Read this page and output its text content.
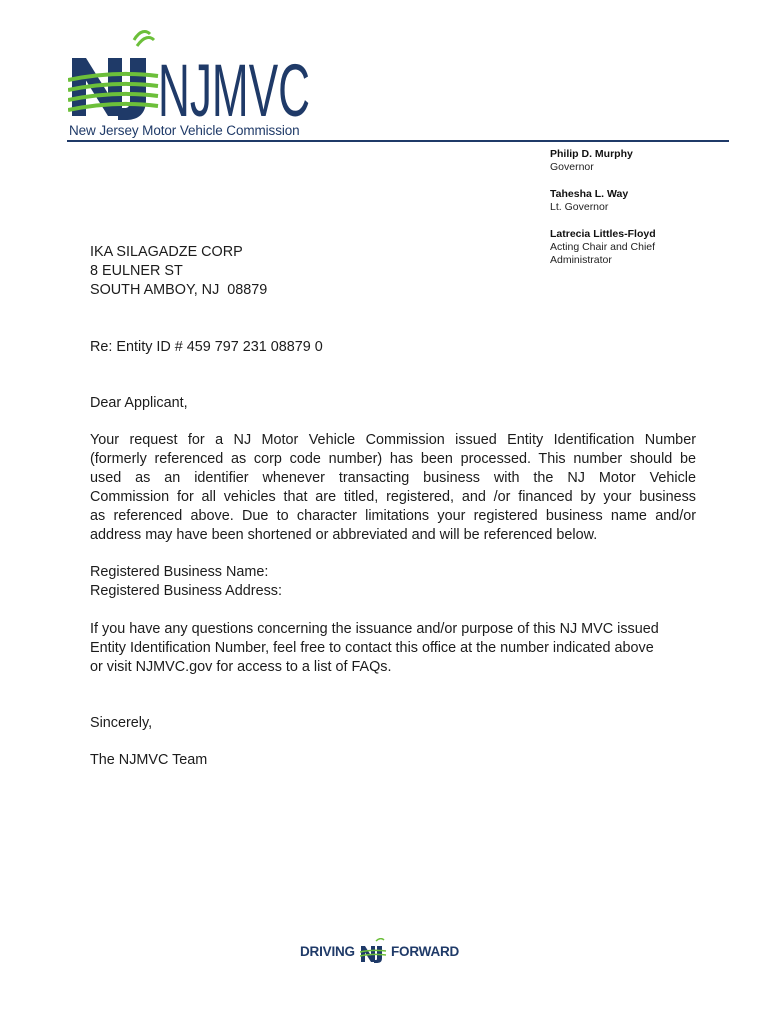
NJMVC
New Jersey Motor Vehicle Commission
Philip D. Murphy
Governor
Tahesha L. Way
Lt. Governor
Latrecia Littles-Floyd
Acting Chair and Chief
Administrator
IKA SILAGADZE CORP
8 EULNER ST
SOUTH AMBOY, NJ  08879
Re: Entity ID # 459 797 231 08879 0
Dear Applicant,
Your request for a NJ Motor Vehicle Commission issued Entity Identification Number
(formerly referenced as corp code number) has been processed. This number should be
used as an identifier whenever transacting business with the NJ Motor Vehicle
Commission for all vehicles that are titled, registered, and /or financed by your business
as referenced above. Due to character limitations your registered business name and/or
address may have been shortened or abbreviated and will be referenced below.
Registered Business Name:
Registered Business Address:
If you have any questions concerning the issuance and/or purpose of this NJ MVC issued
Entity Identification Number, feel free to contact this office at the number indicated above
or visit NJMVC.gov for access to a list of FAQs.
Sincerely,
The NJMVC Team
DRIVING	FORWARD
